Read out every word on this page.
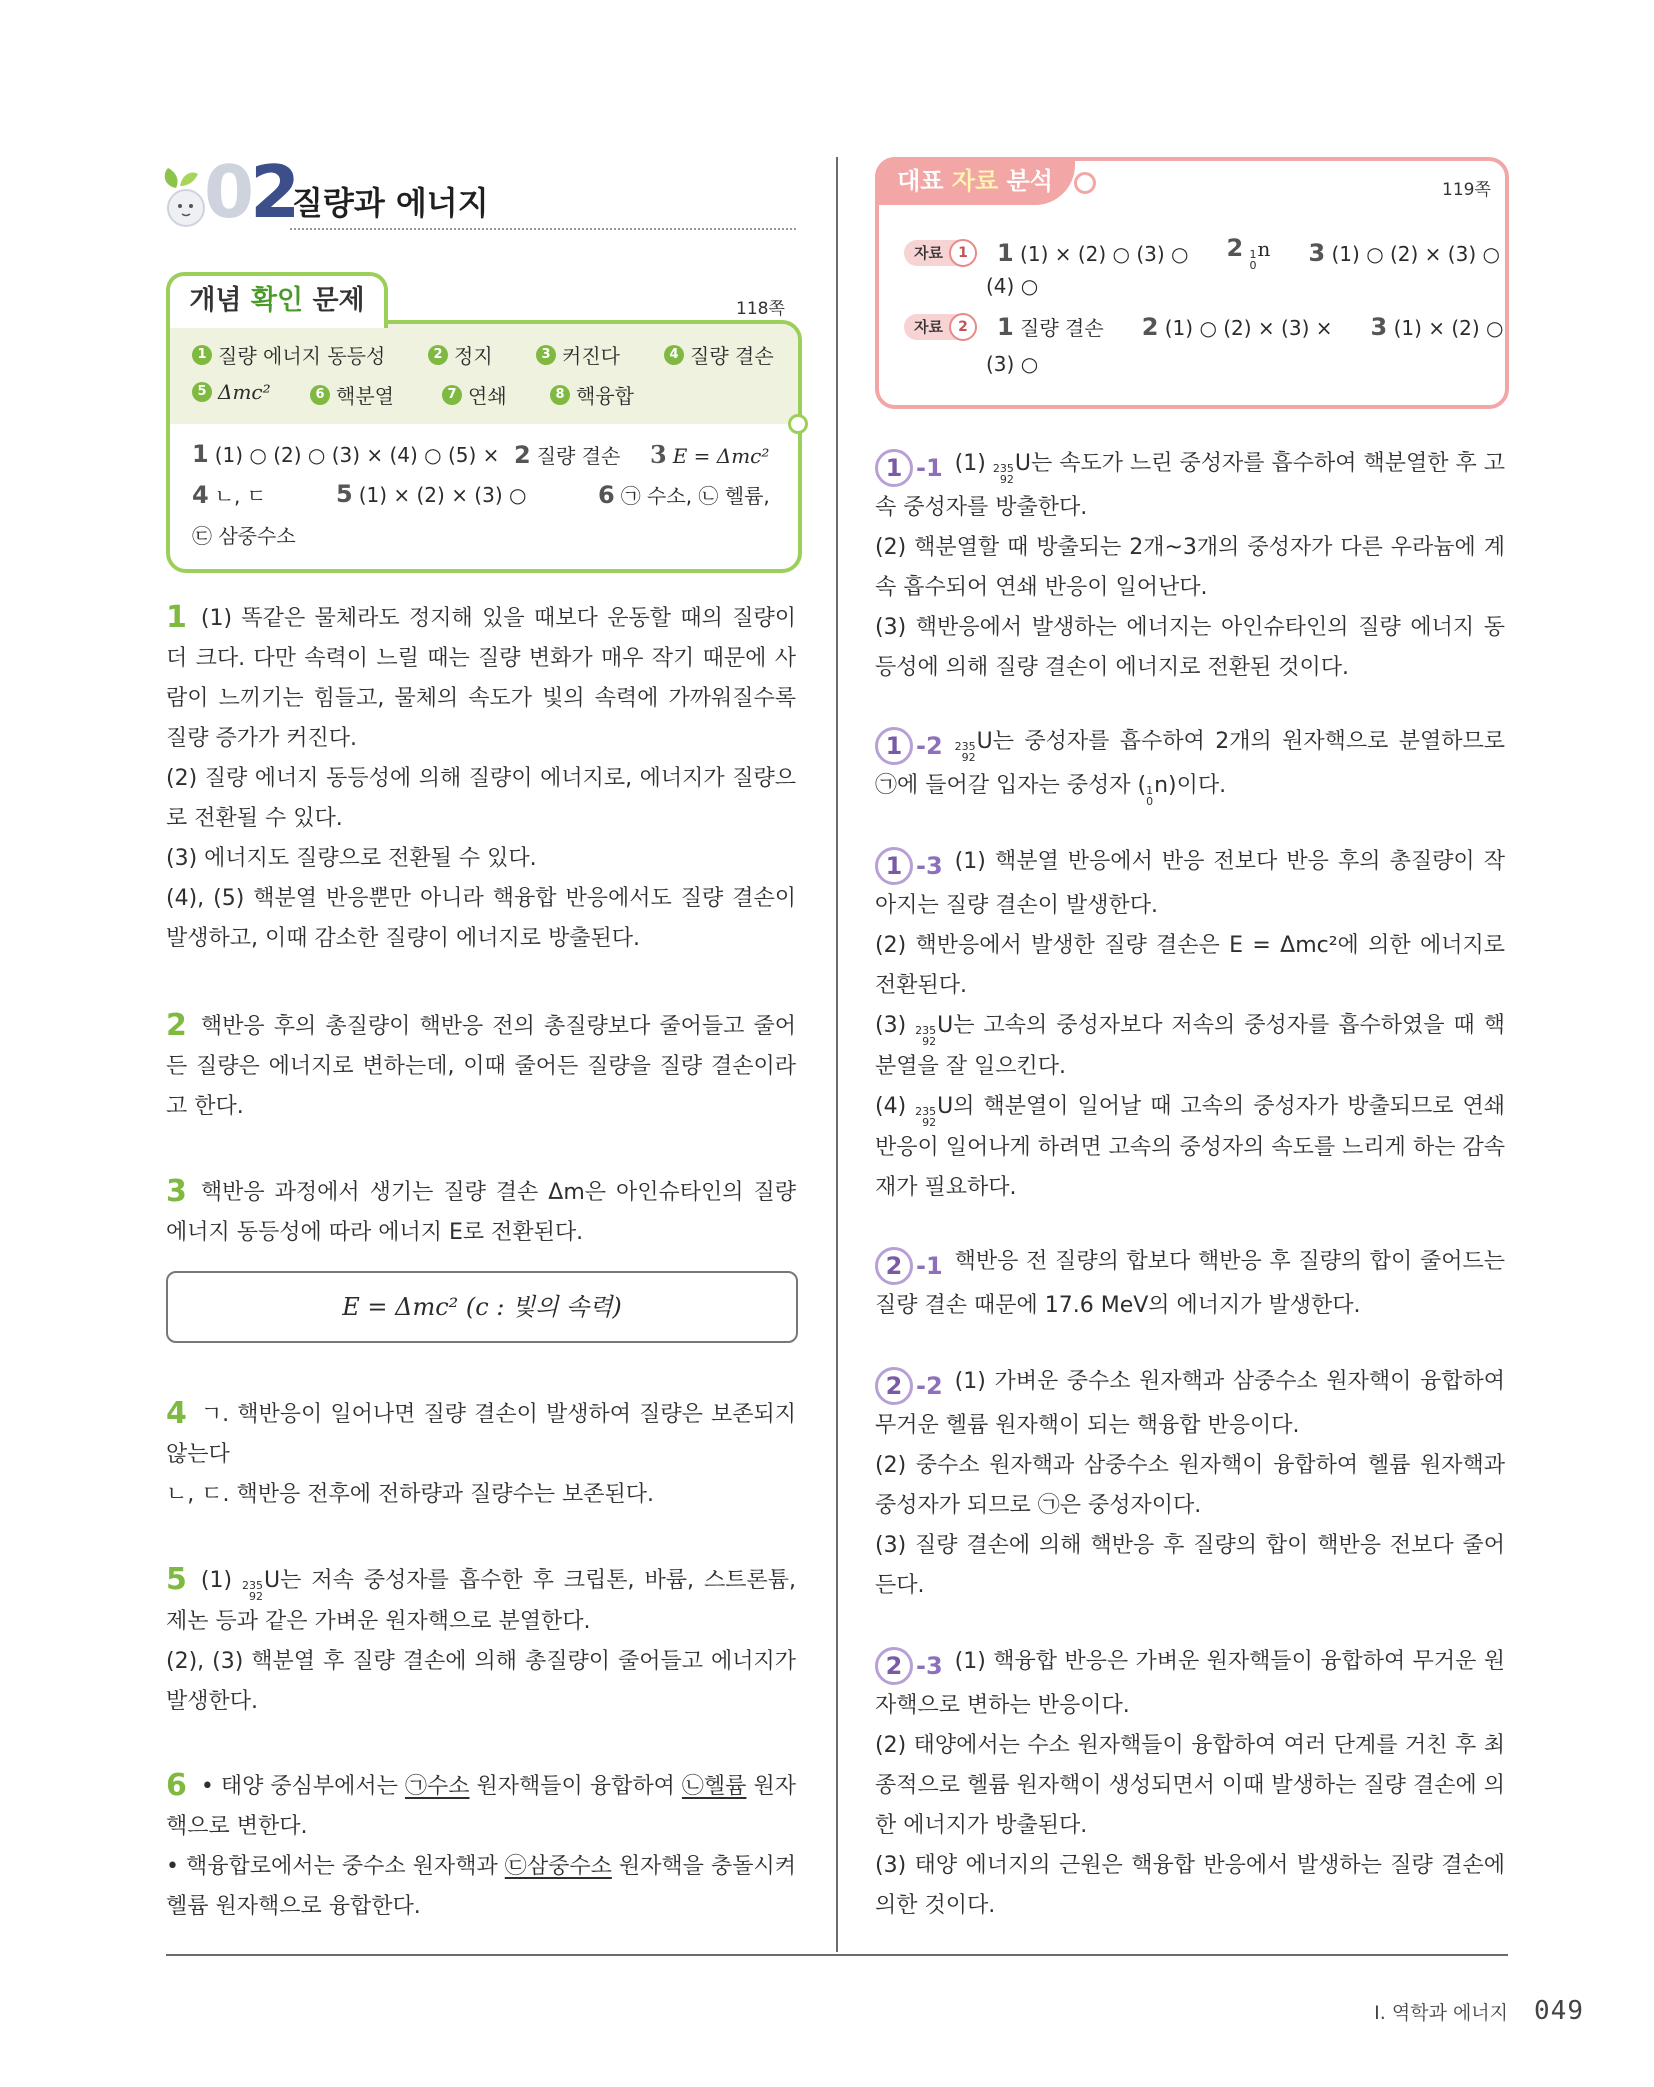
02
질량과 에너지
개념 확인 문제	118쪽
1 질량 에너지 동등성	2 정지	3 커진다	4 질량 결손
5 Δmc²	6 핵분열	7 연쇄	8 핵융합
1 (1) ○ (2) ○ (3) × (4) ○ (5) × 2 질량 결손 3 E = Δmc²
4 ㄴ, ㄷ	5 (1) × (2) × (3) ○	6 ㉠ 수소, ㉡ 헬륨,
㉢ 삼중수소

1 (1) 똑같은 물체라도 정지해 있을 때보다 운동할 때의 질량이 더 크다. 다만 속력이 느릴 때는 질량 변화가 매우 작기 때문에 사람이 느끼기는 힘들고, 물체의 속도가 빛의 속력에 가까워질수록 질량 증가가 커진다.

(2) 질량 에너지 동등성에 의해 질량이 에너지로, 에너지가 질량으로 전환될 수 있다.

(3) 에너지도 질량으로 전환될 수 있다.

(4), (5) 핵분열 반응뿐만 아니라 핵융합 반응에서도 질량 결손이 발생하고, 이때 감소한 질량이 에너지로 방출된다.

2 핵반응 후의 총질량이 핵반응 전의 총질량보다 줄어들고 줄어든 질량은 에너지로 변하는데, 이때 줄어든 질량을 질량 결손이라고 한다.

3 핵반응 과정에서 생기는 질량 결손 Δm은 아인슈타인의 질량 에너지 동등성에 따라 에너지 E로 전환된다.

E = Δmc² (c : 빛의 속력)

4 ㄱ. 핵반응이 일어나면 질량 결손이 발생하여 질량은 보존되지 않는다

ㄴ, ㄷ. 핵반응 전후에 전하량과 질량수는 보존된다.

5 (1) 235
92
U는 저속 중성자를 흡수한 후 크립톤, 바륨, 스트론튬, 제논 등과 같은 가벼운 원자핵으로 분열한다.

(2), (3) 핵분열 후 질량 결손에 의해 총질량이 줄어들고 에너지가 발생한다.

6 • 태양 중심부에서는 ㉠수소 원자핵들이 융합하여 ㉡헬륨 원자핵으로 변한다.

• 핵융합로에서는 중수소 원자핵과 ㉢삼중수소 원자핵을 충돌시켜 헬륨 원자핵으로 융합한다.

대표 자료 분석	119쪽
자료	1	1 (1) × (2) ○ (3) ○	2 1
0
n	3 (1) ○ (2) × (3) ○
(4) ○
자료	2	1 질량 결손	2 (1) ○ (2) × (3) ×	3 (1) × (2) ○
(3) ○

1 -1 (1) 235
92
U는 속도가 느린 중성자를 흡수하여 핵분열한 후 고속 중성자를 방출한다.

(2) 핵분열할 때 방출되는 2개~3개의 중성자가 다른 우라늄에 계속 흡수되어 연쇄 반응이 일어난다.

(3) 핵반응에서 발생하는 에너지는 아인슈타인의 질량 에너지 동등성에 의해 질량 결손이 에너지로 전환된 것이다.

1 -2 235
92
U는 중성자를 흡수하여 2개의 원자핵으로 분열하므로 ㉠에 들어갈 입자는 중성자 ( 1
0
n)이다.

1 -3 (1) 핵분열 반응에서 반응 전보다 반응 후의 총질량이 작아지는 질량 결손이 발생한다.

(2) 핵반응에서 발생한 질량 결손은 E = Δmc²에 의한 에너지로 전환된다.

(3) 235
92
U는 고속의 중성자보다 저속의 중성자를 흡수하였을 때 핵분열을 잘 일으킨다.

(4) 235
92
U의 핵분열이 일어날 때 고속의 중성자가 방출되므로 연쇄 반응이 일어나게 하려면 고속의 중성자의 속도를 느리게 하는 감속재가 필요하다.

2 -1 핵반응 전 질량의 합보다 핵반응 후 질량의 합이 줄어드는 질량 결손 때문에 17.6 MeV의 에너지가 발생한다.

2 -2 (1) 가벼운 중수소 원자핵과 삼중수소 원자핵이 융합하여 무거운 헬륨 원자핵이 되는 핵융합 반응이다.

(2) 중수소 원자핵과 삼중수소 원자핵이 융합하여 헬륨 원자핵과 중성자가 되므로 ㉠은 중성자이다.

(3) 질량 결손에 의해 핵반응 후 질량의 합이 핵반응 전보다 줄어든다.

2 -3 (1) 핵융합 반응은 가벼운 원자핵들이 융합하여 무거운 원자핵으로 변하는 반응이다.

(2) 태양에서는 수소 원자핵들이 융합하여 여러 단계를 거친 후 최종적으로 헬륨 원자핵이 생성되면서 이때 발생하는 질량 결손에 의한 에너지가 방출된다.

(3) 태양 에너지의 근원은 핵융합 반응에서 발생하는 질량 결손에 의한 것이다.

Ⅰ. 역학과 에너지 049
